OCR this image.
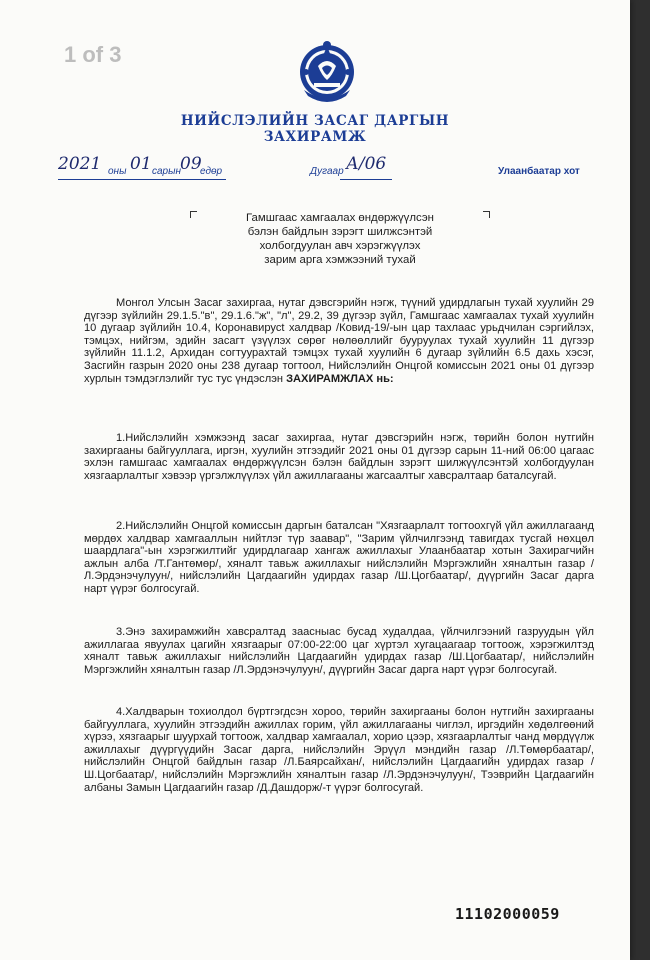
1 of 3
НИЙСЛЭЛИЙН ЗАСАГ ДАРГЫН
ЗАХИРАМЖ
2021 оны 01 сарын 09
едөр	Дугаар А/06	Улаанбаатар хот
Гамшгаас хамгаалах өндөржүүлсэн
бэлэн байдлын зэрэгт шилжсэнтэй
холбогдуулан авч хэрэгжүүлэх
зарим арга хэмжээний тухай

Монгол Улсын Засаг захиргаа, нутаг дэвсгэрийн нэгж, түүний удирдлагын тухай хуулийн 29 дүгээр зүйлийн 29.1.5."в", 29.1.6."ж", "л", 29.2, 39 дүгээр зүйл, Гамшгаас хамгаалах тухай хуулийн 10 дугаар зүйлийн 10.4, Коронавирусt халдвар /Ковид-19/-ын цар тахлаас урьдчилан сэргийлэх, тэмцэх, нийгэм, эдийн засагт үзүүлэх сөрөг нөлөөллийг бууруулах тухай хуулийн 11 дүгээр зүйлийн 11.1.2, Архидан согтуурахтай тэмцэх тухай хуулийн 6 дугаар зүйлийн 6.5 дахь хэсэг, Засгийн газрын 2020 оны 238 дугаар тогтоол, Нийслэлийн Онцгой комиссын 2021 оны 01 дүгээр хурлын тэмдэглэлийг тус тус үндэслэн ЗАХИРАМЖЛАХ нь:

1.Нийслэлийн хэмжээнд засаг захиргаа, нутаг дэвсгэрийн нэгж, төрийн болон нутгийн захиргааны байгууллага, иргэн, хуулийн этгээдийг 2021 оны 01 дүгээр сарын 11-ний 06:00 цагаас эхлэн гамшгаас хамгаалах өндөржүүлсэн бэлэн байдлын зэрэгт шилжүүлсэнтэй холбогдуулан хязгаарлалтыг хэвээр үргэлжлүүлэх үйл ажиллагааны жагсаалтыг хавсралтаар баталсугай.

2.Нийслэлийн Онцгой комиссын даргын баталсан "Хязгаарлалт тогтоохгүй үйл ажиллагаанд мөрдөх халдвар хамгааллын нийтлэг түр заавар", "Зарим үйлчилгээнд тавигдах тусгай нөхцөл шаардлага"-ын хэрэгжилтийг удирдлагаар хангаж ажиллахыг Улаанбаатар хотын Захирагчийн ажлын алба /Т.Гантөмөр/, хяналт тавьж ажиллахыг нийслэлийн Мэргэжлийн хяналтын газар /Л.Эрдэнэчулуун/, нийслэлийн Цагдаагийн удирдах газар /Ш.Цогбаатар/, дүүргийн Засаг дарга нарт үүрэг болгосугай.

3.Энэ захирамжийн хавсралтад заасныас бусад худалдаа, үйлчилгээний газруудын үйл ажиллагаа явуулах цагийн хязгаарыг 07:00-22:00 цаг хүртэл хугацаагаар тогтоож, хэрэгжилтэд хяналт тавьж ажиллахыг нийслэлийн Цагдаагийн удирдах газар /Ш.Цогбаатар/, нийслэлийн Мэргэжлийн хяналтын газар /Л.Эрдэнэчулуун/, дүүргийн Засаг дарга нарт үүрэг болгосугай.

4.Халдварын тохиолдол бүртгэгдсэн хороо, төрийн захиргааны болон нутгийн захиргааны байгууллага, хуулийн этгээдийн ажиллах горим, үйл ажиллагааны чиглэл, иргэдийн хөдөлгөөний хүрээ, хязгаарыг шуурхай тогтоож, халдвар хамгаалал, хорио цээр, хязгаарлалтыг чанд мөрдүүлж ажиллахыг дүүргүүдийн Засаг дарга, нийслэлийн Эрүүл мэндийн газар /Л.Төмөрбаатар/, нийслэлийн Онцгой байдлын газар /Л.Баярсайхан/, нийслэлийн Цагдаагийн удирдах газар /Ш.Цогбаатар/, нийслэлийн Мэргэжлийн хяналтын газар /Л.Эрдэнэчулуун/, Тээврийн Цагдаагийн албаны Замын Цагдаагийн газар /Д.Дашдорж/-т үүрэг болгосугай.

11102000059
